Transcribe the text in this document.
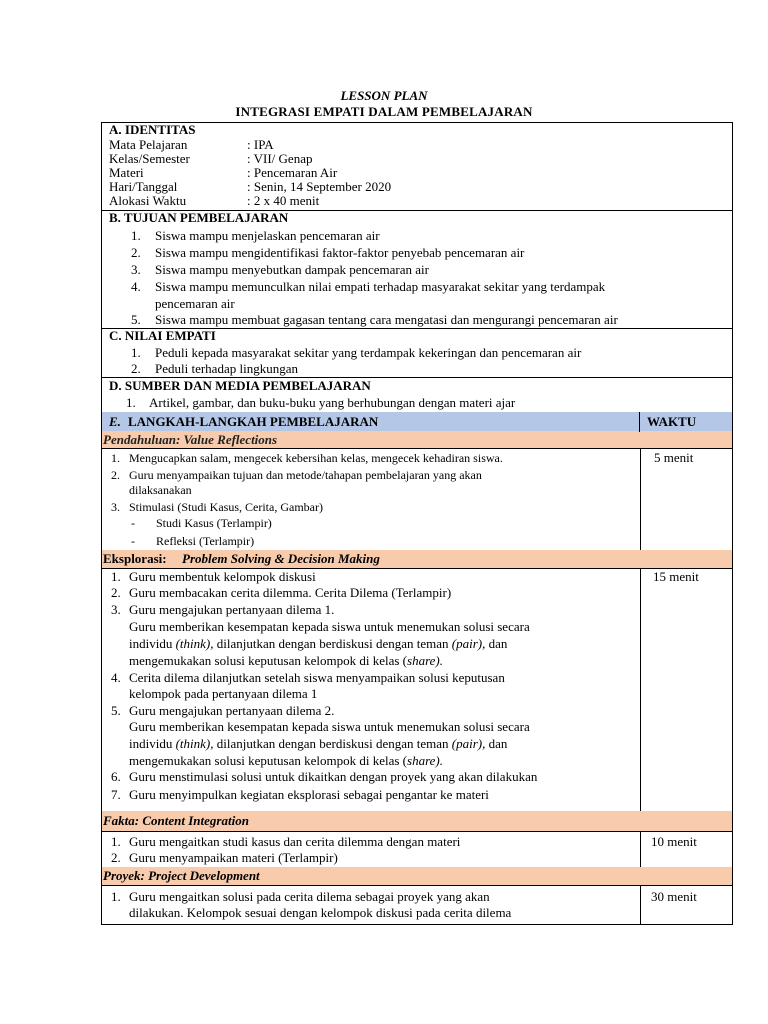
LESSON PLAN
INTEGRASI EMPATI DALAM PEMBELAJARAN
A. IDENTITAS
Mata Pelajaran	: IPA
Kelas/Semester	: VII/ Genap
Materi	: Pencemaran Air
Hari/Tanggal	: Senin, 14 September 2020
Alokasi Waktu	: 2 x 40 menit
B. TUJUAN PEMBELAJARAN
1. Siswa mampu menjelaskan pencemaran air
2. Siswa mampu mengidentifikasi faktor-faktor penyebab pencemaran air
3. Siswa mampu menyebutkan dampak pencemaran air
4. Siswa mampu memunculkan nilai empati terhadap masyarakat sekitar yang terdampak
pencemaran air
5. Siswa mampu membuat gagasan tentang cara mengatasi dan mengurangi pencemaran air
C. NILAI EMPATI
1. Peduli kepada masyarakat sekitar yang terdampak kekeringan dan pencemaran air
2. Peduli terhadap lingkungan
D. SUMBER DAN MEDIA PEMBELAJARAN
1. Artikel, gambar, dan buku-buku yang berhubungan dengan materi ajar
E. LANGKAH-LANGKAH PEMBELAJARAN	WAKTU
Pendahuluan: Value Reflections
1. Mengucapkan salam, mengecek kebersihan kelas, mengecek kehadiran siswa.
2. Guru menyampaikan tujuan dan metode/tahapan pembelajaran yang akan
dilaksanakan
3. Stimulasi (Studi Kasus, Cerita, Gambar)
- Studi Kasus (Terlampir)
- Refleksi (Terlampir)
5 menit
Eksplorasi: Problem Solving & Decision Making
1. Guru membentuk kelompok diskusi
2. Guru membacakan cerita dilemma. Cerita Dilema (Terlampir)
3. Guru mengajukan pertanyaan dilema 1.
Guru memberikan kesempatan kepada siswa untuk menemukan solusi secara
individu (think), dilanjutkan dengan berdiskusi dengan teman (pair), dan
mengemukakan solusi keputusan kelompok di kelas (share).
4. Cerita dilema dilanjutkan setelah siswa menyampaikan solusi keputusan
kelompok pada pertanyaan dilema 1
5. Guru mengajukan pertanyaan dilema 2.
Guru memberikan kesempatan kepada siswa untuk menemukan solusi secara
individu (think), dilanjutkan dengan berdiskusi dengan teman (pair), dan
mengemukakan solusi keputusan kelompok di kelas (share).
6. Guru menstimulasi solusi untuk dikaitkan dengan proyek yang akan dilakukan
7. Guru menyimpulkan kegiatan eksplorasi sebagai pengantar ke materi
15 menit
Fakta: Content Integration
1. Guru mengaitkan studi kasus dan cerita dilemma dengan materi
2. Guru menyampaikan materi (Terlampir)
10 menit
Proyek: Project Development
1. Guru mengaitkan solusi pada cerita dilema sebagai proyek yang akan
dilakukan. Kelompok sesuai dengan kelompok diskusi pada cerita dilema
30 menit
